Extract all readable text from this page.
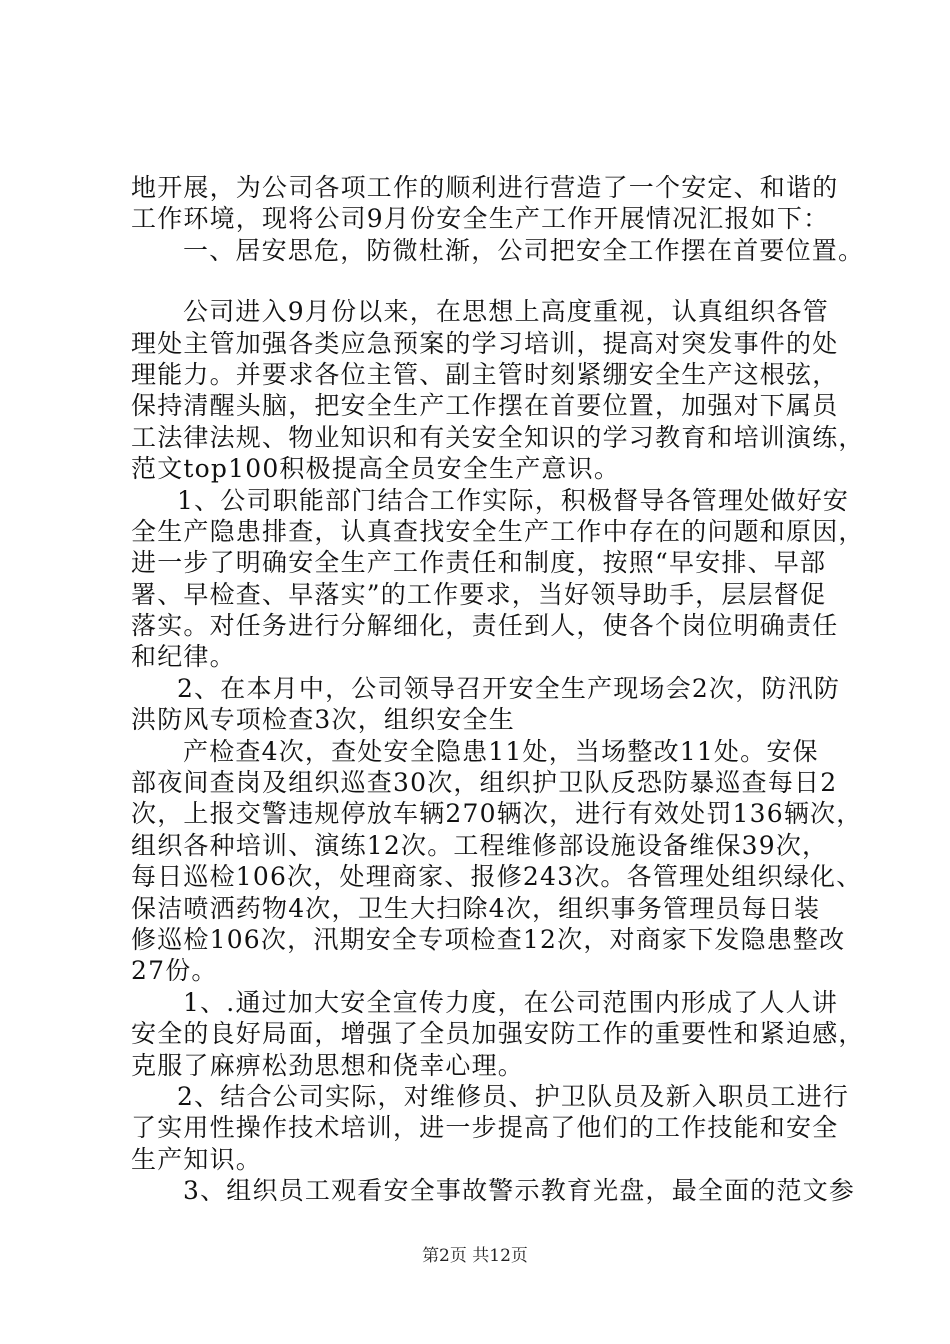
地开展，为公司各项工作的顺利进行营造了一个安定、和谐的
工作环境，现将公司9月份安全生产工作开展情况汇报如下：
一、居安思危，防微杜渐，公司把安全工作摆在首要位置。
公司进入9月份以来，在思想上高度重视，认真组织各管
理处主管加强各类应急预案的学习培训，提高对突发事件的处
理能力。并要求各位主管、副主管时刻紧绷安全生产这根弦，
保持清醒头脑，把安全生产工作摆在首要位置，加强对下属员
工法律法规、物业知识和有关安全知识的学习教育和培训演练，
范文top100积极提高全员安全生产意识。
1、公司职能部门结合工作实际，积极督导各管理处做好安
全生产隐患排查，认真查找安全生产工作中存在的问题和原因，
进一步了明确安全生产工作责任和制度，按照“早安排、早部
署、早检查、早落实”的工作要求，当好领导助手，层层督促
落实。对任务进行分解细化，责任到人，使各个岗位明确责任
和纪律。
2、在本月中，公司领导召开安全生产现场会2次，防汛防
洪防风专项检查3次，组织安全生
产检查4次，查处安全隐患11处，当场整改11处。安保
部夜间查岗及组织巡查30次，组织护卫队反恐防暴巡查每日2
次，上报交警违规停放车辆270辆次，进行有效处罚136辆次，
组织各种培训、演练12次。工程维修部设施设备维保39次，
每日巡检106次，处理商家、报修243次。各管理处组织绿化、
保洁喷洒药物4次，卫生大扫除4次，组织事务管理员每日装
修巡检106次，汛期安全专项检查12次，对商家下发隐患整改
27份。
1、.通过加大安全宣传力度，在公司范围内形成了人人讲
安全的良好局面，增强了全员加强安防工作的重要性和紧迫感，
克服了麻痹松劲思想和侥幸心理。
2、结合公司实际，对维修员、护卫队员及新入职员工进行
了实用性操作技术培训，进一步提高了他们的工作技能和安全
生产知识。
3、组织员工观看安全事故警示教育光盘，最全面的范文参
第2页 共12页
